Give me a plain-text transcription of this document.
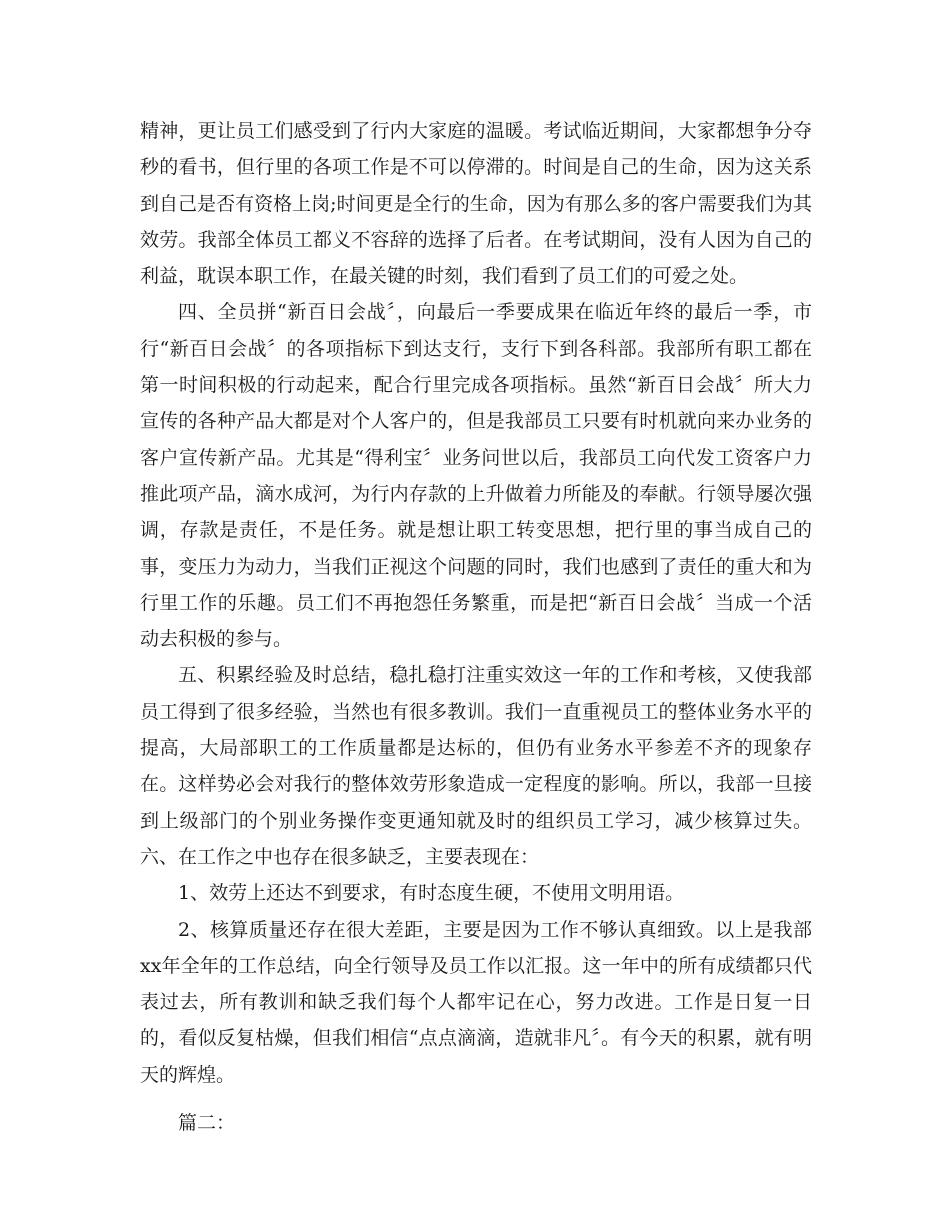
精神，更让员工们感受到了行内大家庭的温暖。考试临近期间，大家都想争分夺秒的看书，但行里的各项工作是不可以停滞的。时间是自己的生命，因为这关系到自己是否有资格上岗;时间更是全行的生命，因为有那么多的客户需要我们为其效劳。我部全体员工都义不容辞的选择了后者。在考试期间，没有人因为自己的利益，耽误本职工作，在最关键的时刻，我们看到了员工们的可爱之处。

四、全员拼“新百日会战〞，向最后一季要成果在临近年终的最后一季，市行“新百日会战〞的各项指标下到达支行，支行下到各科部。我部所有职工都在第一时间积极的行动起来，配合行里完成各项指标。虽然“新百日会战〞所大力宣传的各种产品大都是对个人客户的，但是我部员工只要有时机就向来办业务的客户宣传新产品。尤其是“得利宝〞业务问世以后，我部员工向代发工资客户力推此项产品，滴水成河，为行内存款的上升做着力所能及的奉献。行领导屡次强调，存款是责任，不是任务。就是想让职工转变思想，把行里的事当成自己的事，变压力为动力，当我们正视这个问题的同时，我们也感到了责任的重大和为行里工作的乐趣。员工们不再抱怨任务繁重，而是把“新百日会战〞当成一个活动去积极的参与。

五、积累经验及时总结，稳扎稳打注重实效这一年的工作和考核，又使我部员工得到了很多经验，当然也有很多教训。我们一直重视员工的整体业务水平的提高，大局部职工的工作质量都是达标的，但仍有业务水平参差不齐的现象存在。这样势必会对我行的整体效劳形象造成一定程度的影响。所以，我部一旦接到上级部门的个别业务操作变更通知就及时的组织员工学习，减少核算过失。六、在工作之中也存在很多缺乏，主要表现在：

1、效劳上还达不到要求，有时态度生硬，不使用文明用语。

2、核算质量还存在很大差距，主要是因为工作不够认真细致。以上是我部xx年全年的工作总结，向全行领导及员工作以汇报。这一年中的所有成绩都只代表过去，所有教训和缺乏我们每个人都牢记在心，努力改进。工作是日复一日的，看似反复枯燥，但我们相信“点点滴滴，造就非凡〞。有今天的积累，就有明天的辉煌。

篇二：
